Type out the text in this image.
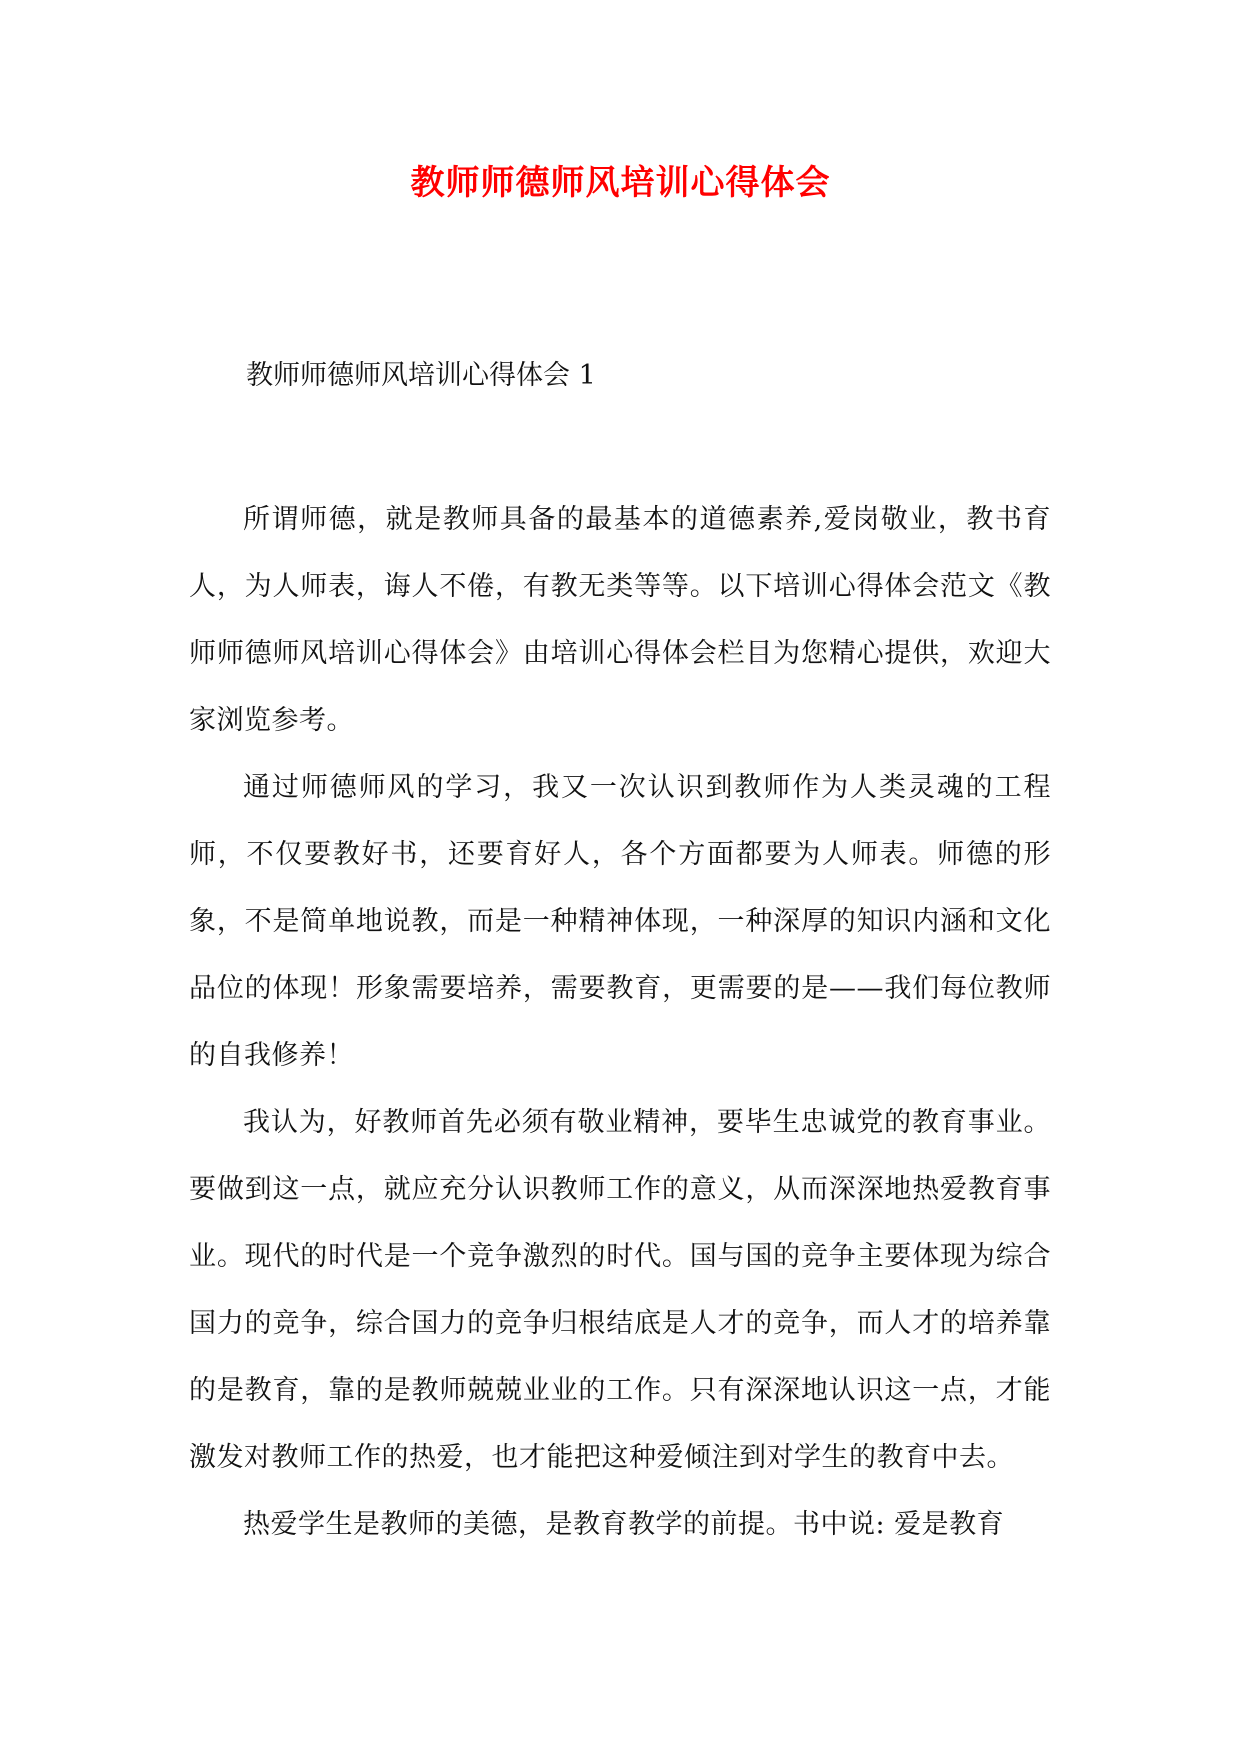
教师师德师风培训心得体会

教师师德师风培训心得体会 1

所谓师德，就是教师具备的最基本的道德素养,爱岗敬业，教书育人，为人师表，诲人不倦，有教无类等等。以下培训心得体会范文《教师师德师风培训心得体会》由培训心得体会栏目为您精心提供，欢迎大家浏览参考。

通过师德师风的学习，我又一次认识到教师作为人类灵魂的工程师，不仅要教好书，还要育好人，各个方面都要为人师表。师德的形象，不是简单地说教，而是一种精神体现，一种深厚的知识内涵和文化品位的体现！形象需要培养，需要教育，更需要的是——我们每位教师的自我修养！

我认为，好教师首先必须有敬业精神，要毕生忠诚党的教育事业。要做到这一点，就应充分认识教师工作的意义，从而深深地热爱教育事业。现代的时代是一个竞争激烈的时代。国与国的竞争主要体现为综合国力的竞争，综合国力的竞争归根结底是人才的竞争，而人才的培养靠的是教育，靠的是教师兢兢业业的工作。只有深深地认识这一点，才能激发对教师工作的热爱，也才能把这种爱倾注到对学生的教育中去。

热爱学生是教师的美德，是教育教学的前提。书中说: 爱是教育
